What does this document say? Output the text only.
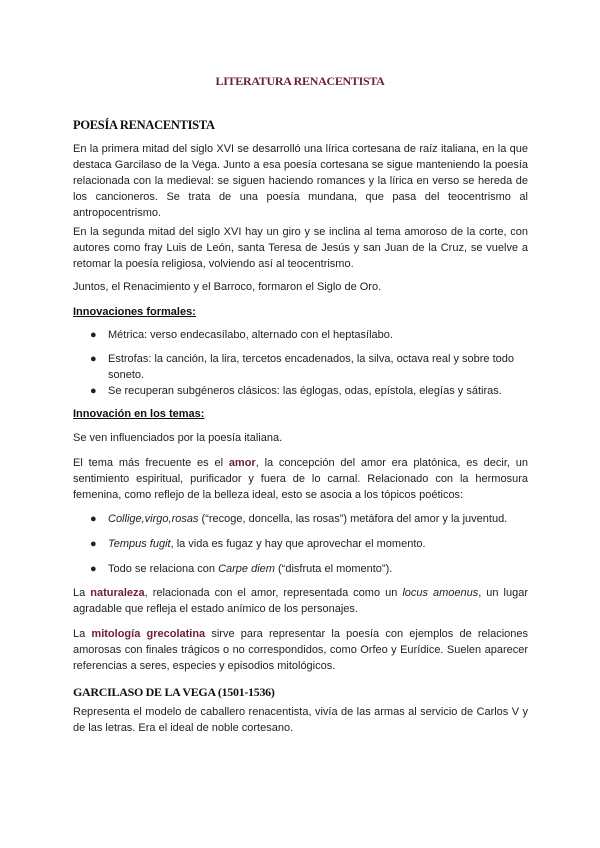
LITERATURA RENACENTISTA
POESÍA RENACENTISTA

En la primera mitad del siglo XVI se desarrolló una lírica cortesana de raíz italiana, en la que destaca Garcilaso de la Vega. Junto a esa poesía cortesana se sigue manteniendo la poesía relacionada con la medieval: se siguen haciendo romances y la lírica en verso se hereda de los cancioneros. Se trata de una poesía mundana, que pasa del teocentrismo al antropocentrismo.

En la segunda mitad del siglo XVI hay un giro y se inclina al tema amoroso de la corte, con autores como fray Luis de León, santa Teresa de Jesús y san Juan de la Cruz, se vuelve a retomar la poesía religiosa, volviendo así al teocentrismo.

Juntos, el Renacimiento y el Barroco, formaron el Siglo de Oro.

Innovaciones formales:
● Métrica: verso endecasílabo, alternado con el heptasílabo.
● Estrofas: la canción, la lira, tercetos encadenados, la silva, octava real y sobre todo soneto.
● Se recuperan subgéneros clásicos: las églogas, odas, epístola, elegías y sátiras.
Innovación en los temas:

Se ven influenciados por la poesía italiana.

El tema más frecuente es el amor, la concepción del amor era platónica, es decir, un sentimiento espiritual, purificador y fuera de lo carnal. Relacionado con la hermosura femenina, como reflejo de la belleza ideal, esto se asocia a los tópicos poéticos:

● Collige,virgo,rosas (“recoge, doncella, las rosas”) metáfora del amor y la juventud.
● Tempus fugit, la vida es fugaz y hay que aprovechar el momento.
● Todo se relaciona con Carpe diem (“disfruta el momento”).

La naturaleza, relacionada con el amor, representada como un locus amoenus, un lugar agradable que refleja el estado anímico de los personajes.

La mitología grecolatina sirve para representar la poesía con ejemplos de relaciones amorosas con finales trágicos o no correspondidos, como Orfeo y Eurídice. Suelen aparecer referencias a seres, especies y episodios mitológicos.

GARCILASO DE LA VEGA (1501-1536)

Representa el modelo de caballero renacentista, vivía de las armas al servicio de Carlos V y de las letras. Era el ideal de noble cortesano.
